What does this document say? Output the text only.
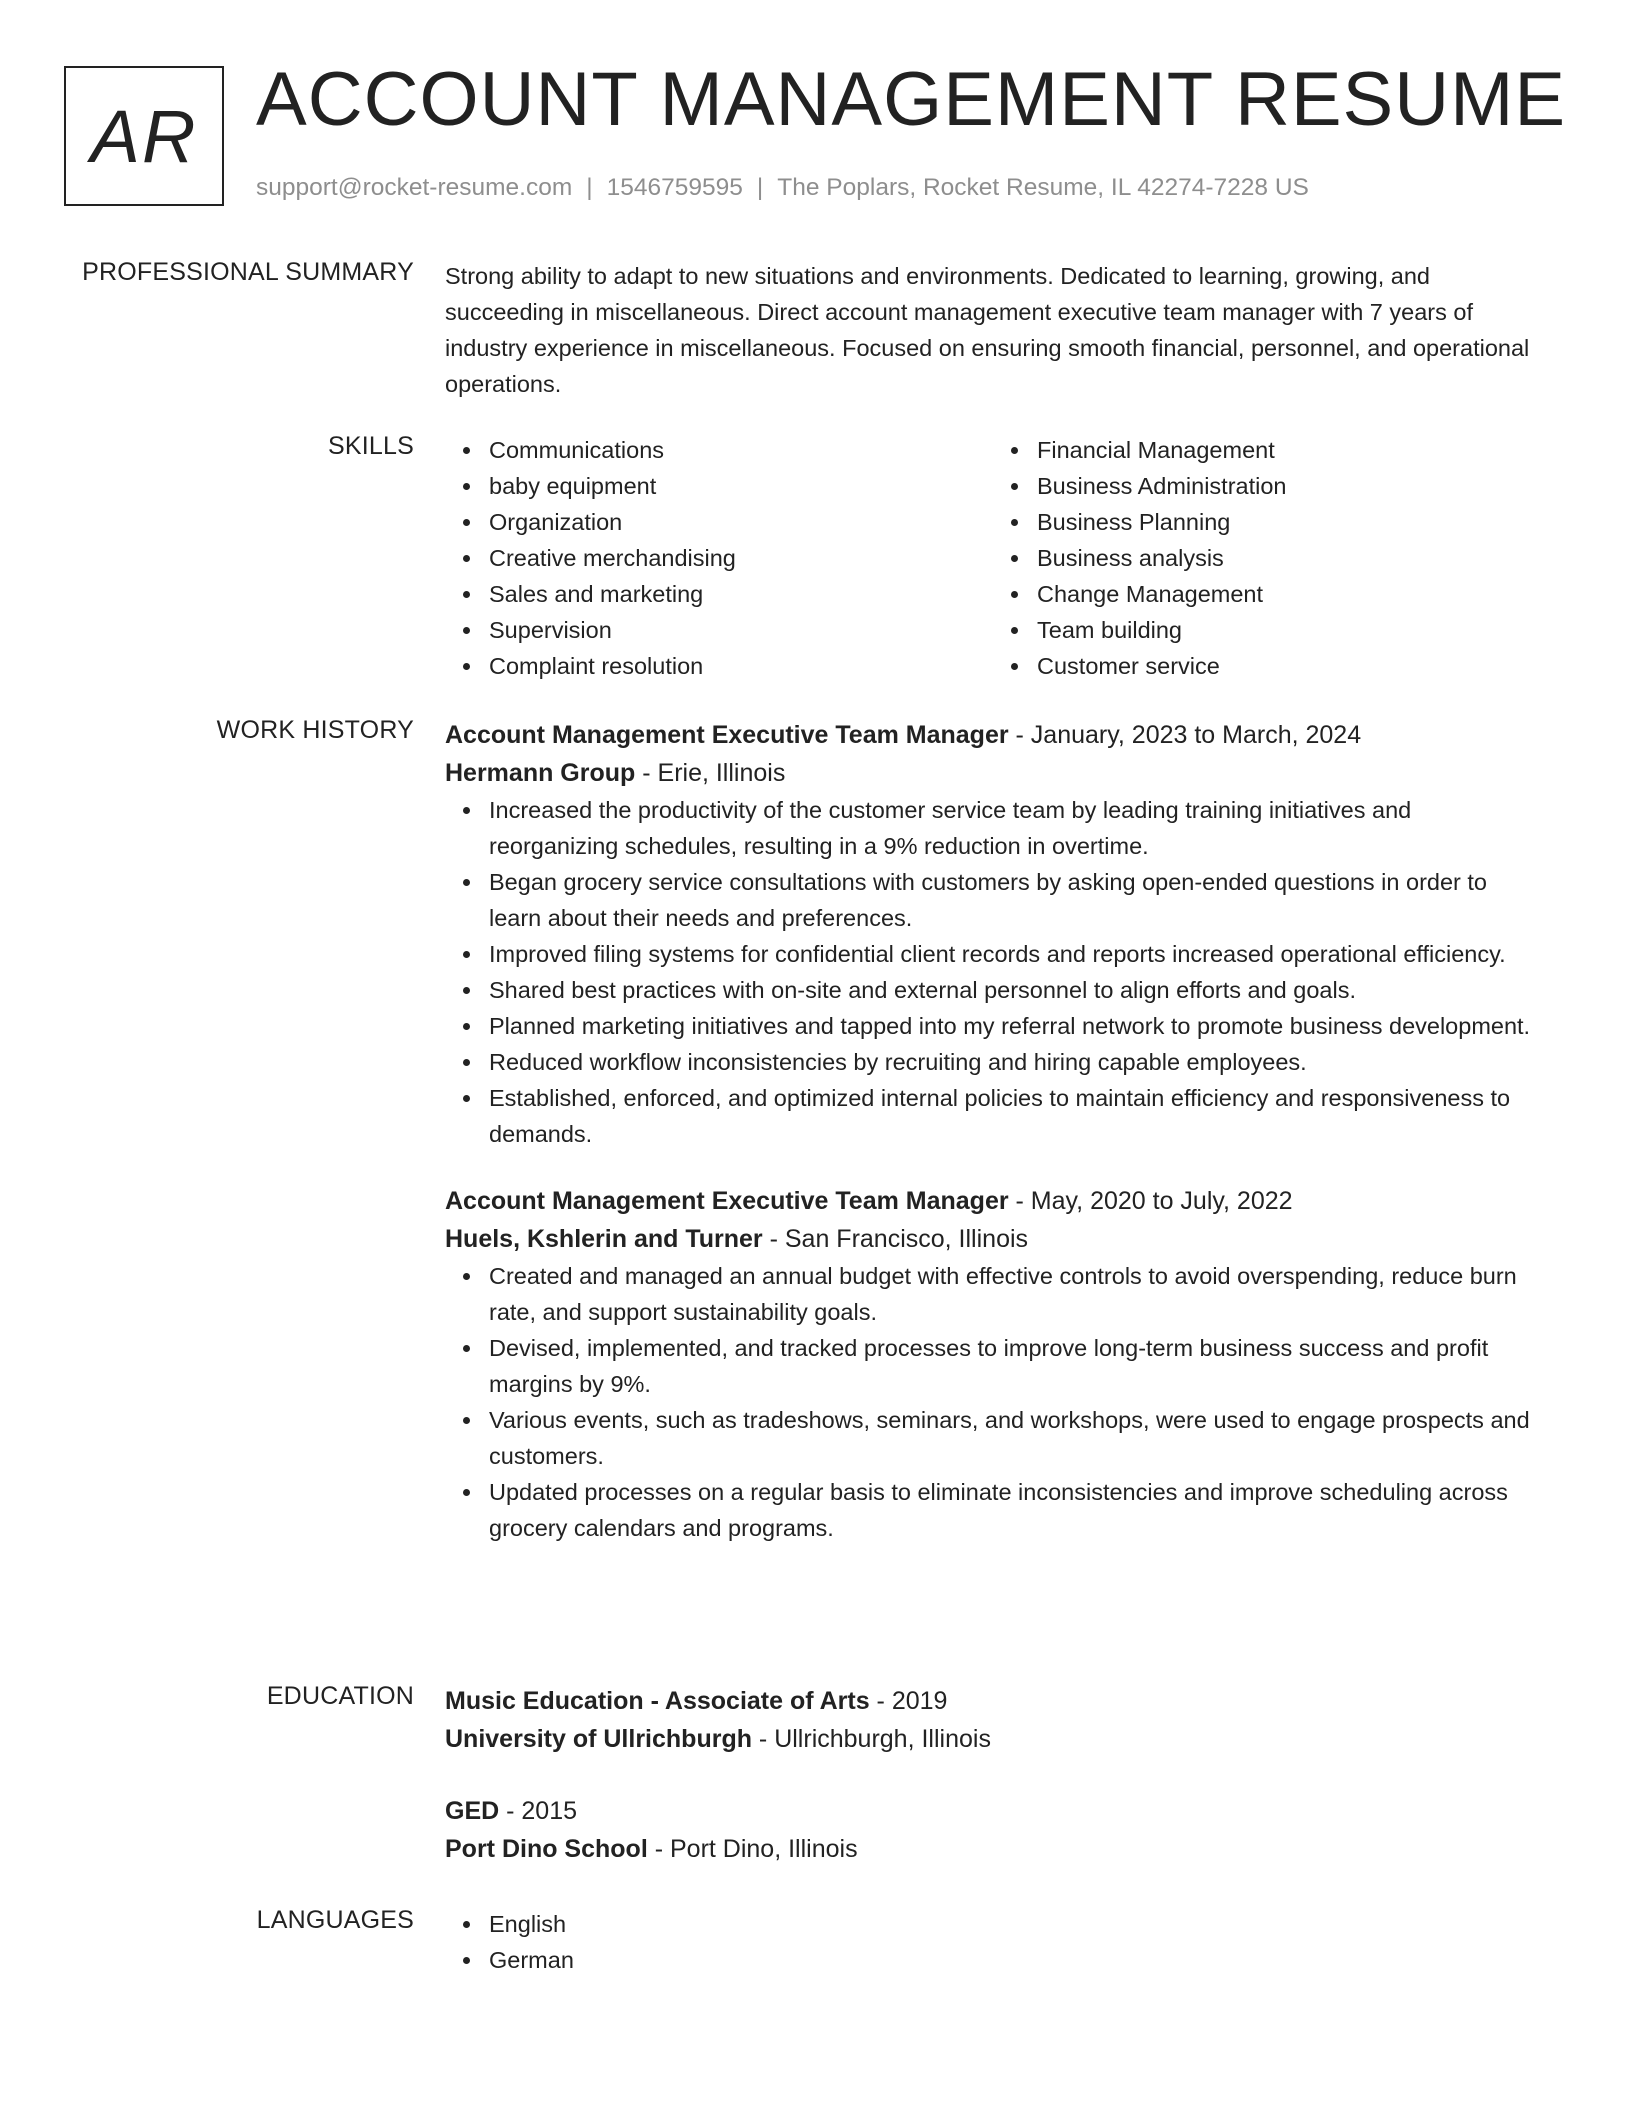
AR ACCOUNT MANAGEMENT RESUME
support@rocket-resume.com | 1546759595 | The Poplars, Rocket Resume, IL 42274-7228 US
PROFESSIONAL SUMMARY Strong ability to adapt to new situations and environments. Dedicated to learning, growing, and succeeding in miscellaneous. Direct account management executive team manager with 7 years of industry experience in miscellaneous. Focused on ensuring smooth financial, personnel, and operational operations.

SKILLS	Communications
baby equipment
Organization
Creative merchandising
Sales and marketing
Supervision
Complaint resolution
Financial Management
Business Administration
Business Planning
Business analysis
Change Management
Team building
Customer service
WORK HISTORY Account Management Executive Team Manager - January, 2023 to March, 2024
Hermann Group - Erie, Illinois
Increased the productivity of the customer service team by leading training initiatives and reorganizing schedules, resulting in a 9% reduction in overtime.
Began grocery service consultations with customers by asking open-ended questions in order to learn about their needs and preferences.
Improved filing systems for confidential client records and reports increased operational efficiency.
Shared best practices with on-site and external personnel to align efforts and goals.
Planned marketing initiatives and tapped into my referral network to promote business development.
Reduced workflow inconsistencies by recruiting and hiring capable employees.
Established, enforced, and optimized internal policies to maintain efficiency and responsiveness to demands.
Account Management Executive Team Manager - May, 2020 to July, 2022
Huels, Kshlerin and Turner - San Francisco, Illinois
Created and managed an annual budget with effective controls to avoid overspending, reduce burn rate, and support sustainability goals.
Devised, implemented, and tracked processes to improve long-term business success and profit margins by 9%.
Various events, such as tradeshows, seminars, and workshops, were used to engage prospects and customers.
Updated processes on a regular basis to eliminate inconsistencies and improve scheduling across grocery calendars and programs.
EDUCATION Music Education - Associate of Arts - 2019
University of Ullrichburgh - Ullrichburgh, Illinois
GED - 2015
Port Dino School - Port Dino, Illinois
LANGUAGES	English
German
